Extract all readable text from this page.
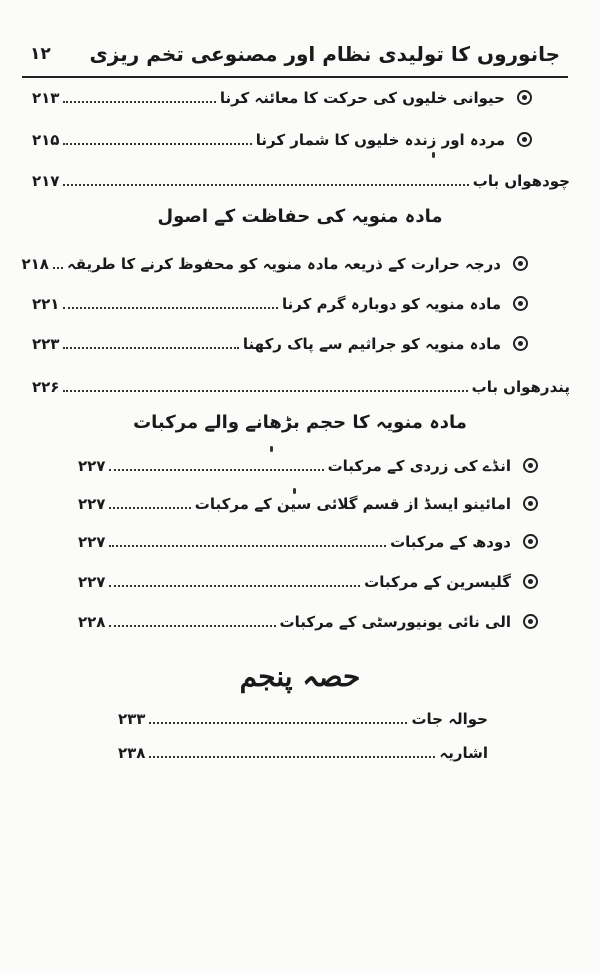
جانوروں کا تولیدی نظام اور مصنوعی تخم ریزی
۱۲
حیوانی خلیوں کی حرکت کا معائنہ کرنا
۲۱۳
مردہ اور زندہ خلیوں کا شمار کرنا
۲۱۵
چودھواں باب
۲۱۷
مادہ منویہ کی حفاظت کے اصول
درجہ حرارت کے ذریعہ مادہ منویہ کو محفوظ کرنے کا طریقہ
۲۱۸
مادہ منویہ کو دوبارہ گرم کرنا
۲۲۱
مادہ منویہ کو جراثیم سے پاک رکھنا
۲۲۳
پندرھواں باب
۲۲۶
مادہ منویہ کا حجم بڑھانے والے مرکبات
انڈے کی زردی کے مرکبات
۲۲۷
امائینو ایسڈ از قسم گلائی سین کے مرکبات
۲۲۷
دودھ کے مرکبات
۲۲۷
گلیسرین کے مرکبات
۲۲۷
الی نائی یونیورسٹی کے مرکبات
۲۲۸
حصہ پنجم
حوالہ جات
۲۳۳
اشاریہ
۲۳۸
